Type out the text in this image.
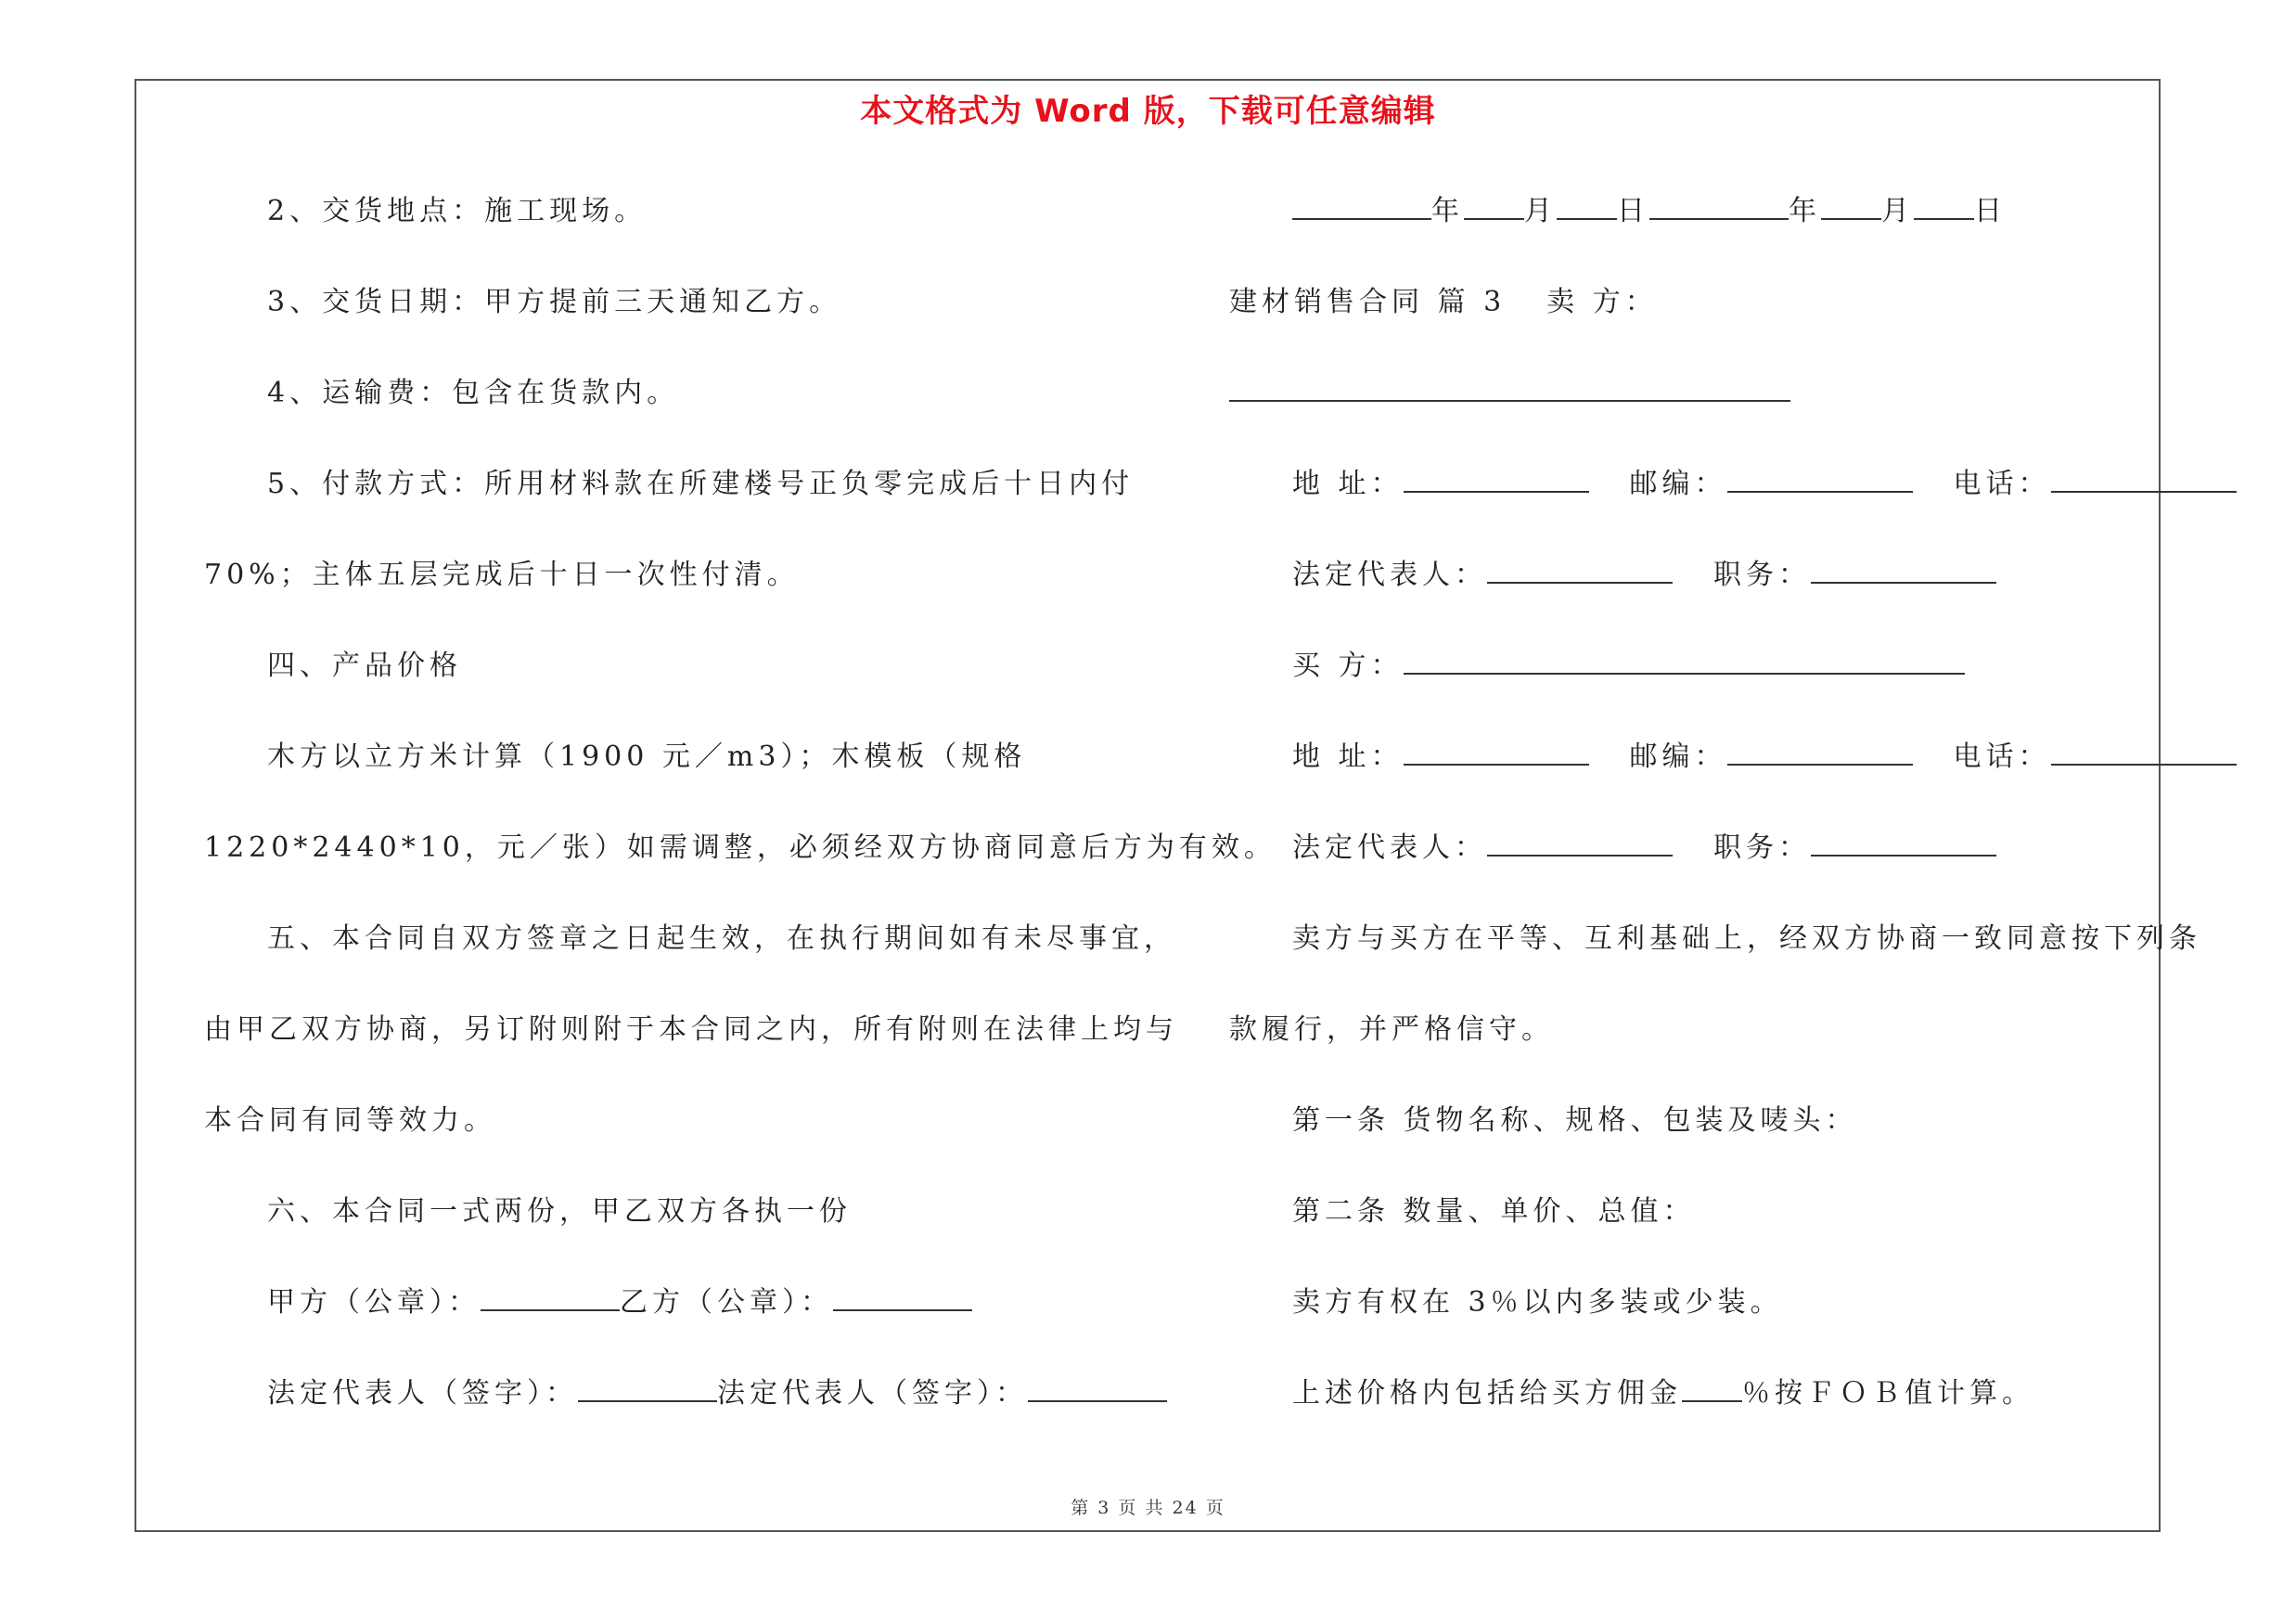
本文格式为 Word 版，下载可任意编辑
2、交货地点：施工现场。
3、交货日期：甲方提前三天通知乙方。
4、运输费：包含在货款内。
5、付款方式：所用材料款在所建楼号正负零完成后十日内付
70%；主体五层完成后十日一次性付清。
四、产品价格
木方以立方米计算（1900 元／m3）；木模板（规格
1220*2440*10，元／张）如需调整，必须经双方协商同意后方为有效。
五、本合同自双方签章之日起生效，在执行期间如有未尽事宜，
由甲乙双方协商，另订附则附于本合同之内，所有附则在法律上均与
本合同有同等效力。
六、本合同一式两份，甲乙双方各执一份
甲方（公章）：	乙方（公章）：
法定代表人（签字）：	法定代表人（签字）：
年 月 日	年 月 日
建材销售合同 篇 3 卖 方：
地 址：	邮编：	电话：
法定代表人：	职务：
买 方：
地 址：	邮编：	电话：
法定代表人：	职务：
卖方与买方在平等、互利基础上，经双方协商一致同意按下列条
款履行，并严格信守。
第一条 货物名称、规格、包装及唛头：
第二条 数量、单价、总值：
卖方有权在 3％以内多装或少装。
上述价格内包括给买方佣金 ％按ＦＯＢ值计算。
第 3 页 共 24 页
